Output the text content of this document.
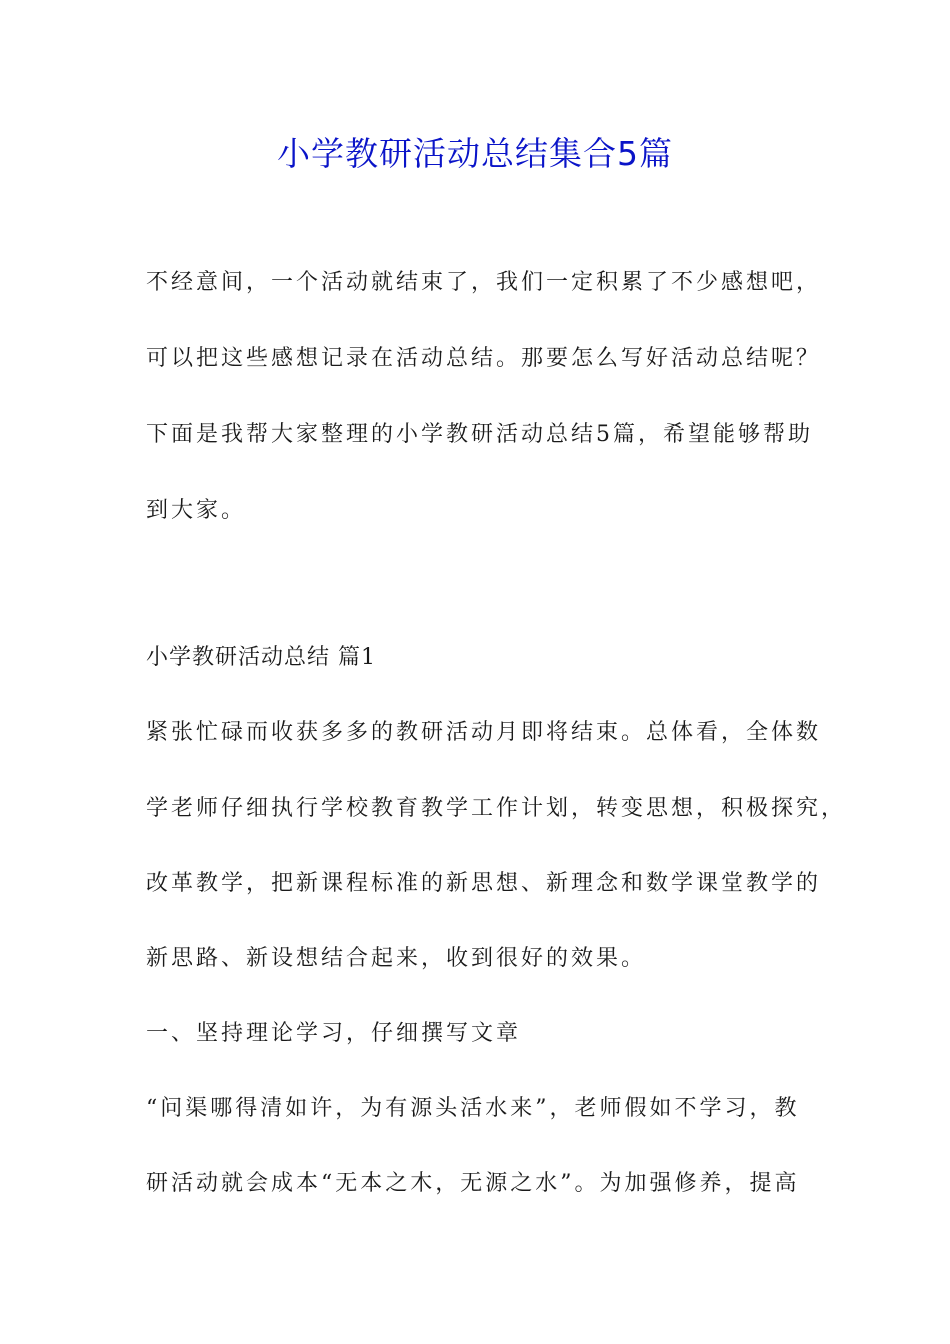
小学教研活动总结集合5篇

不经意间，一个活动就结束了，我们一定积累了不少感想吧，

可以把这些感想记录在活动总结。那要怎么写好活动总结呢？

下面是我帮大家整理的小学教研活动总结5篇，希望能够帮助

到大家。

小学教研活动总结 篇1

紧张忙碌而收获多多的教研活动月即将结束。总体看，全体数

学老师仔细执行学校教育教学工作计划，转变思想，积极探究，

改革教学，把新课程标准的新思想、新理念和数学课堂教学的

新思路、新设想结合起来，收到很好的效果。

一、坚持理论学习，仔细撰写文章

“问渠哪得清如许，为有源头活水来”，老师假如不学习，教

研活动就会成本“无本之木，无源之水”。为加强修养，提高
